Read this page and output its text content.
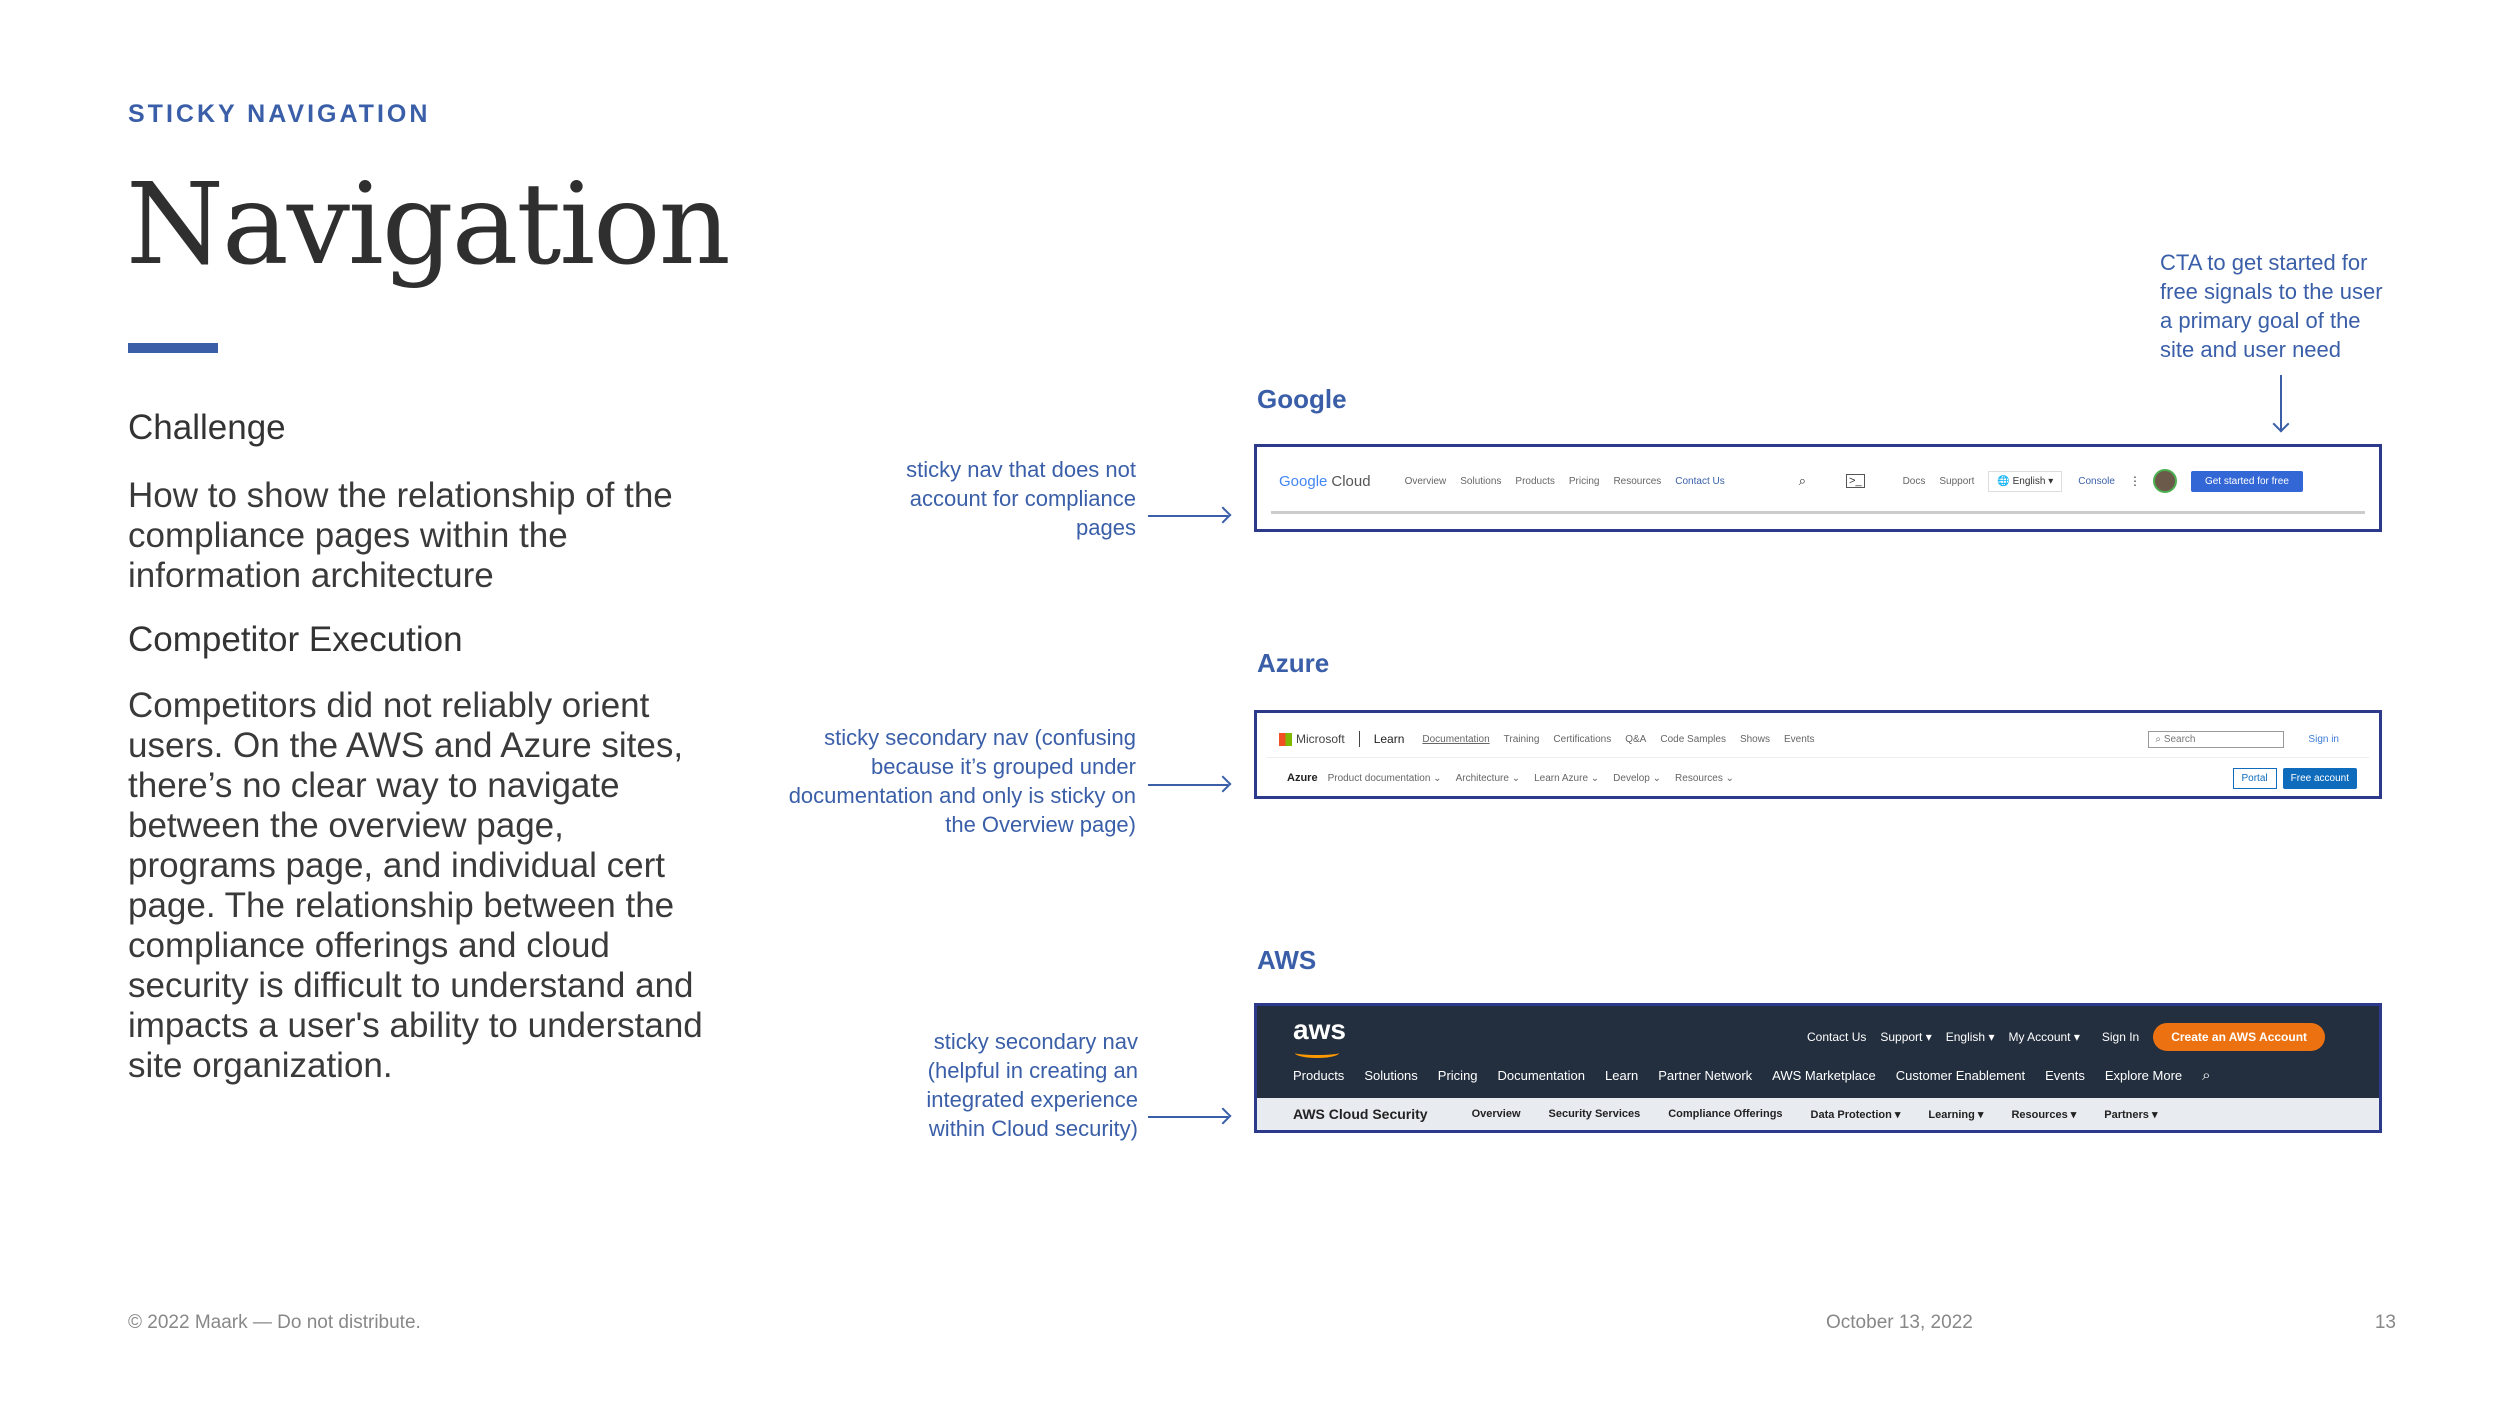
STICKY NAVIGATION
Navigation
Challenge
How to show the relationship of the compliance pages within the information architecture
Competitor Execution
Competitors did not reliably orient users. On the AWS and Azure sites, there’s no clear way to navigate between the overview page, programs page, and individual cert page. The relationship between the compliance offerings and cloud security is difficult to understand and impacts a user's ability to understand site organization.
CTA to get started for free signals to the user a primary goal of the site and user need
Google
sticky nav that does not account for compliance pages
Google Cloud	Overview Solutions Products Pricing Resources Contact Us	⌕	>_	Docs Support	🌐 English ▾	Console ⋮	Get started for free
Azure
sticky secondary nav (confusing because it’s grouped under documentation and only is sticky on the Overview page)
Microsoft Learn Documentation Training Certifications Q&A Code Samples Shows Events	⌕ Search	Sign in
Azure Product documentation ⌄ Architecture ⌄ Learn Azure ⌄ Develop ⌄ Resources ⌄	Portal	Free account
AWS
sticky secondary nav (helpful in creating an integrated experience within Cloud security)
aws	Contact Us Support ▾ English ▾ My Account ▾ Sign In	Create an AWS Account
Products Solutions Pricing Documentation Learn Partner Network AWS Marketplace Customer Enablement Events Explore More ⌕
AWS Cloud Security	Overview	Security Services	Compliance Offerings	Data Protection ▾	Learning ▾	Resources ▾	Partners ▾
© 2022 Maark — Do not distribute.	October 13, 2022	13
